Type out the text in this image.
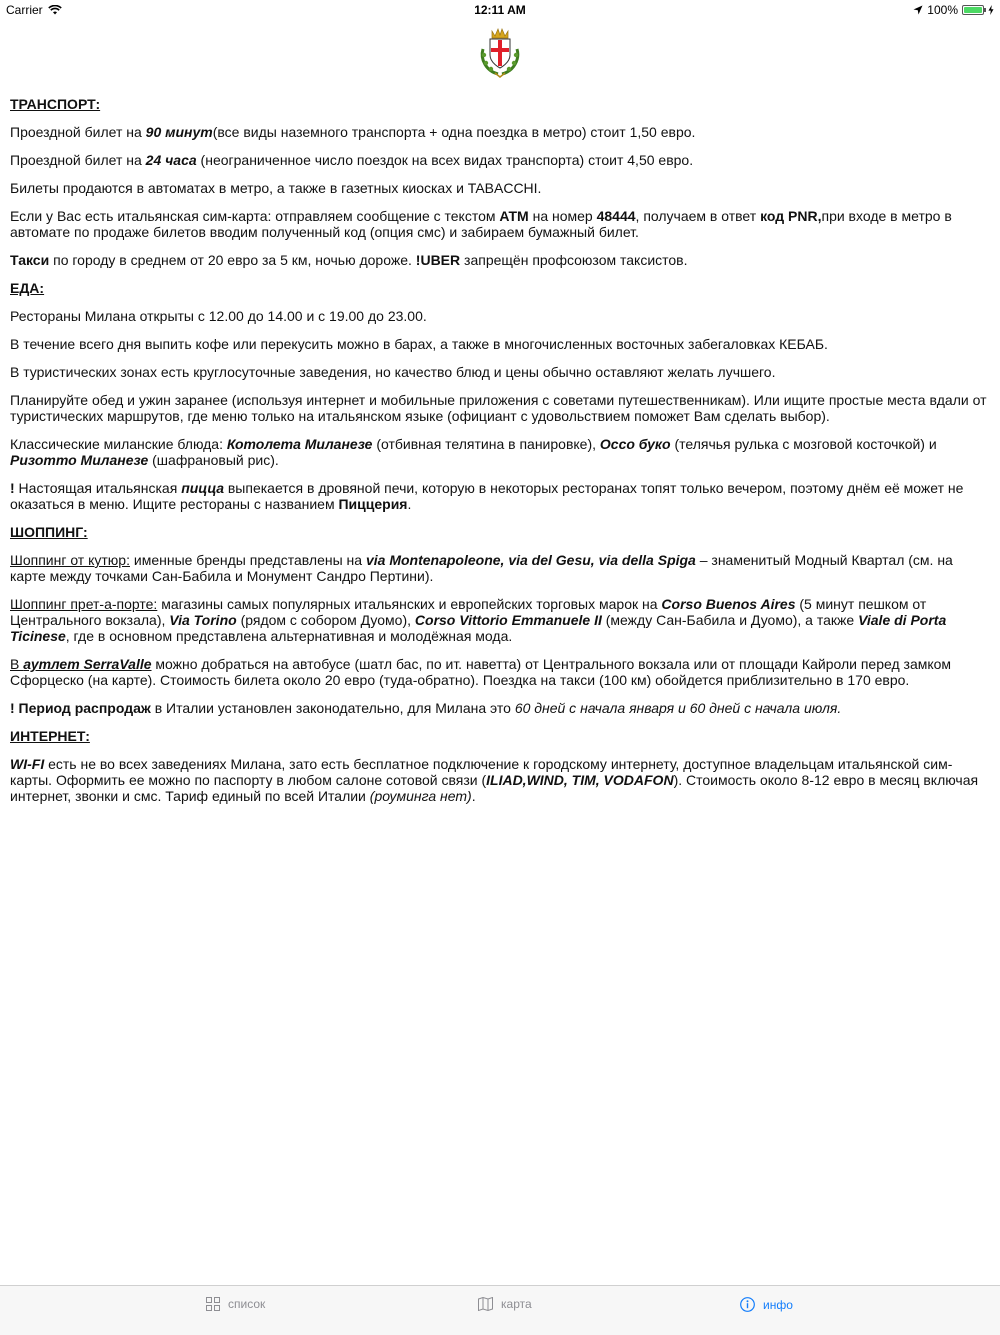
Carrier	12:11 AM	100%
ТРАНСПОРТ:

Проездной билет на 90 минут(все виды наземного транспорта + одна поездка в метро) стоит 1,50 евро.

Проездной билет на 24 часа (неограниченное число поездок на всех видах транспорта) стоит 4,50 евро.

Билеты продаются в автоматах в метро, а также в газетных киосках и TABACCHI.

Если у Вас есть итальянская сим-карта: отправляем сообщение с текстом ATM на номер 48444, получаем в ответ код PNR,при входе в метро в автомате по продаже билетов вводим полученный код (опция смс) и забираем бумажный билет.

Такси по городу в среднем от 20 евро за 5 км, ночью дороже. !UBER запрещён профсоюзом таксистов.

ЕДА:

Рестораны Милана открыты с 12.00 до 14.00 и с 19.00 до 23.00.

В течение всего дня выпить кофе или перекусить можно в барах, а также в многочисленных восточных забегаловках КЕБАБ.

В туристических зонах есть круглосуточные заведения, но качество блюд и цены обычно оставляют желать лучшего.

Планируйте обед и ужин заранее (используя интернет и мобильные приложения с советами путешественникам). Или ищите простые места вдали от туристических маршрутов, где меню только на итальянском языке (официант с удовольствием поможет Вам сделать выбор).

Классические миланские блюда: Котолета Миланезе (отбивная телятина в панировке), Оссо буко (телячья рулька с мозговой косточкой) и Ризотто Миланезе (шафрановый рис).

! Настоящая итальянская пицца выпекается в дровяной печи, которую в некоторых ресторанах топят только вечером, поэтому днём её может не оказаться в меню. Ищите рестораны с названием Пиццерия.

ШОППИНГ:

Шоппинг от кутюр: именные бренды представлены на via Montenapoleone, via del Gesu, via della Spiga – знаменитый Модный Квартал (см. на карте между точками Сан-Бабила и Монумент Сандро Пертини).

Шоппинг прет-а-порте: магазины самых популярных итальянских и европейских торговых марок на Corso Buenos Aires (5 минут пешком от Центрального вокзала), Via Torino (рядом с собором Дуомо), Corso Vittorio Emmanuele II (между Сан-Бабила и Дуомо), а также Viale di Porta Ticinese, где в основном представлена альтернативная и молодёжная мода.

В аутлет SerraValle можно добраться на автобусе (шатл бас, по ит. наветта) от Центрального вокзала или от площади Кайроли перед замком Сфорцеско (на карте). Стоимость билета около 20 евро (туда-обратно). Поездка на такси (100 км) обойдется приблизительно в 170 евро.

! Период распродаж в Италии установлен законодательно, для Милана это 60 дней с начала января и 60 дней с начала июля.

ИНТЕРНЕТ:

WI-FI есть не во всех заведениях Милана, зато есть бесплатное подключение к городскому интернету, доступное владельцам итальянской сим-карты. Оформить ее можно по паспорту в любом салоне сотовой связи (ILIAD,WIND, TIM, VODAFON). Стоимость около 8-12 евро в месяц включая интернет, звонки и смс. Тариф единый по всей Италии (роуминга нет).

список	карта	инфо
